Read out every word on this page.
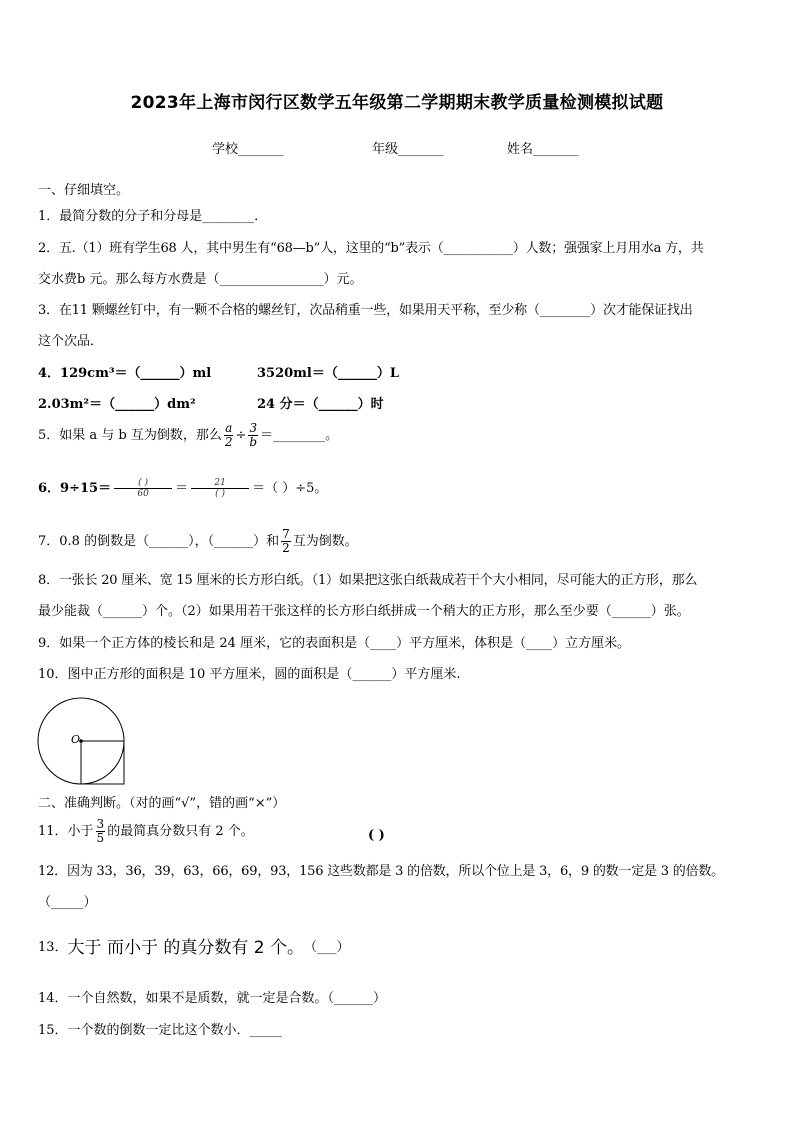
2023年上海市闵行区数学五年级第二学期期末教学质量检测模拟试题
学校_______	年级_______	姓名_______
一、仔细填空。
1．最简分数的分子和分母是________．
2．五.（1）班有学生68 人，其中男生有“68—b”人，这里的“b”表示（___________）人数；强强家上月用水a 方，共
交水费b 元。那么每方水费是（________________）元。
3．在11 颗螺丝钉中，有一颗不合格的螺丝钉，次品稍重一些，如果用天平称，至少称（________）次才能保证找出
这个次品．
4．129cm³＝（______）ml	3520ml＝（______）L
2.03m²＝（______）dm²	24 分＝（______）时
5．如果 a 与 b 互为倒数，那么 $\frac{a}{2} \div \frac{3}{b}$ ＝________。
6．$9\div 15= \frac{( )}{60} = \frac{21}{( )}$ ＝（ ）÷5。
7．0.8 的倒数是（______），（______）和 $\frac{7}{2}$ 互为倒数。
8．一张长 20 厘米、宽 15 厘米的长方形白纸。（1）如果把这张白纸裁成若干个大小相同，尽可能大的正方形，那么
最少能裁（______）个。（2）如果用若干张这样的长方形白纸拼成一个稍大的正方形，那么至少要（______）张。
9．如果一个正方体的棱长和是 24 厘米，它的表面积是（____）平方厘米，体积是（____）立方厘米。
10．图中正方形的面积是 10 平方厘米，圆的面积是（______）平方厘米.
O
二、准确判断。（对的画“√”，错的画“×”）
11．小于 $\frac{3}{5}$ 的最简真分数只有 2 个。	( )
12．因为 33，36，39，63，66，69，93，156 这些数都是 3 的倍数，所以个位上是 3，6，9 的数一定是 3 的倍数。
（_____）
13． 大于 而小于 的真分数有 2 个。 （___）
14．一个自然数，如果不是质数，就一定是合数。（______）
15．一个数的倒数一定比这个数小．_____
